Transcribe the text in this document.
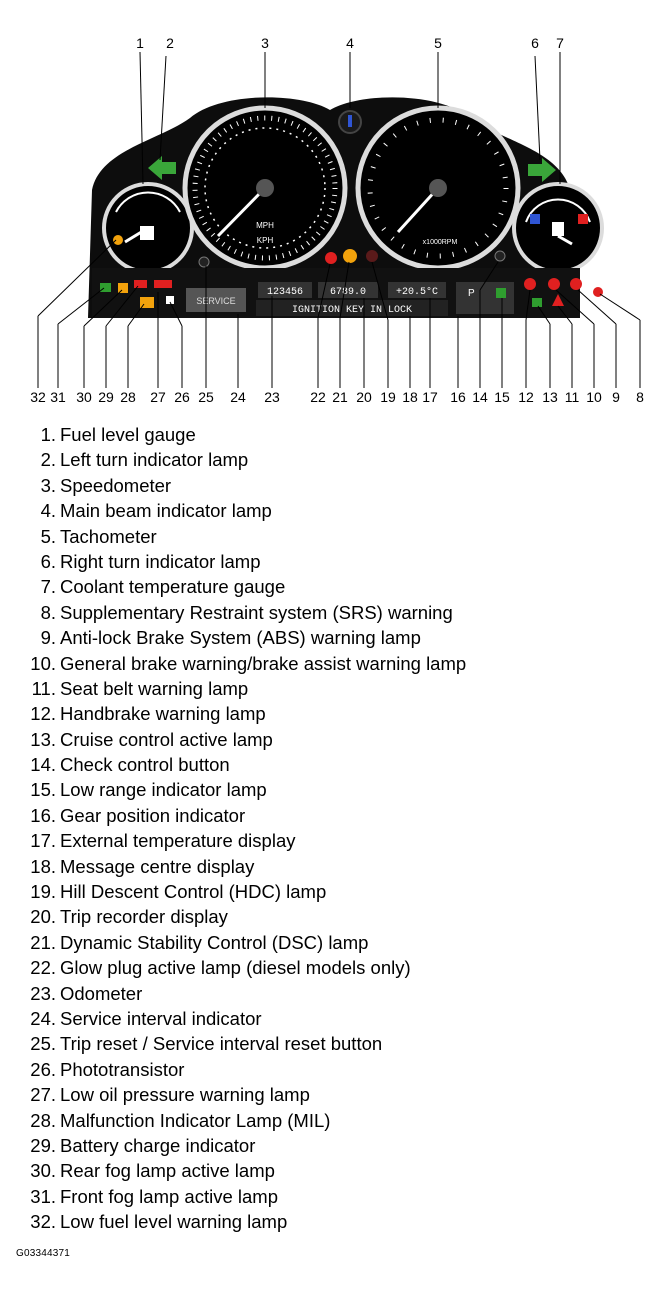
MPH
KPH	x1000RPM
SERVICE
123456	6789.0	+20.5°C
IGNITION KEY IN LOCK
P
1 2	3	4	5	6 7
32 31 30 29 28 27 26 25 24 23 22 21 20 19 18 17 16 14 15 12 13 11 10 9 8
1. Fuel level gauge
2. Left turn indicator lamp
3. Speedometer
4. Main beam indicator lamp
5. Tachometer
6. Right turn indicator lamp
7. Coolant temperature gauge
8. Supplementary Restraint system (SRS) warning
9. Anti-lock Brake System (ABS) warning lamp
10. General brake warning/brake assist warning lamp
11. Seat belt warning lamp
12. Handbrake warning lamp
13. Cruise control active lamp
14. Check control button
15. Low range indicator lamp
16. Gear position indicator
17. External temperature display
18. Message centre display
19. Hill Descent Control (HDC) lamp
20. Trip recorder display
21. Dynamic Stability Control (DSC) lamp
22. Glow plug active lamp (diesel models only)
23. Odometer
24. Service interval indicator
25. Trip reset / Service interval reset button
26. Phototransistor
27. Low oil pressure warning lamp
28. Malfunction Indicator Lamp (MIL)
29. Battery charge indicator
30. Rear fog lamp active lamp
31. Front fog lamp active lamp
32. Low fuel level warning lamp
G03344371
